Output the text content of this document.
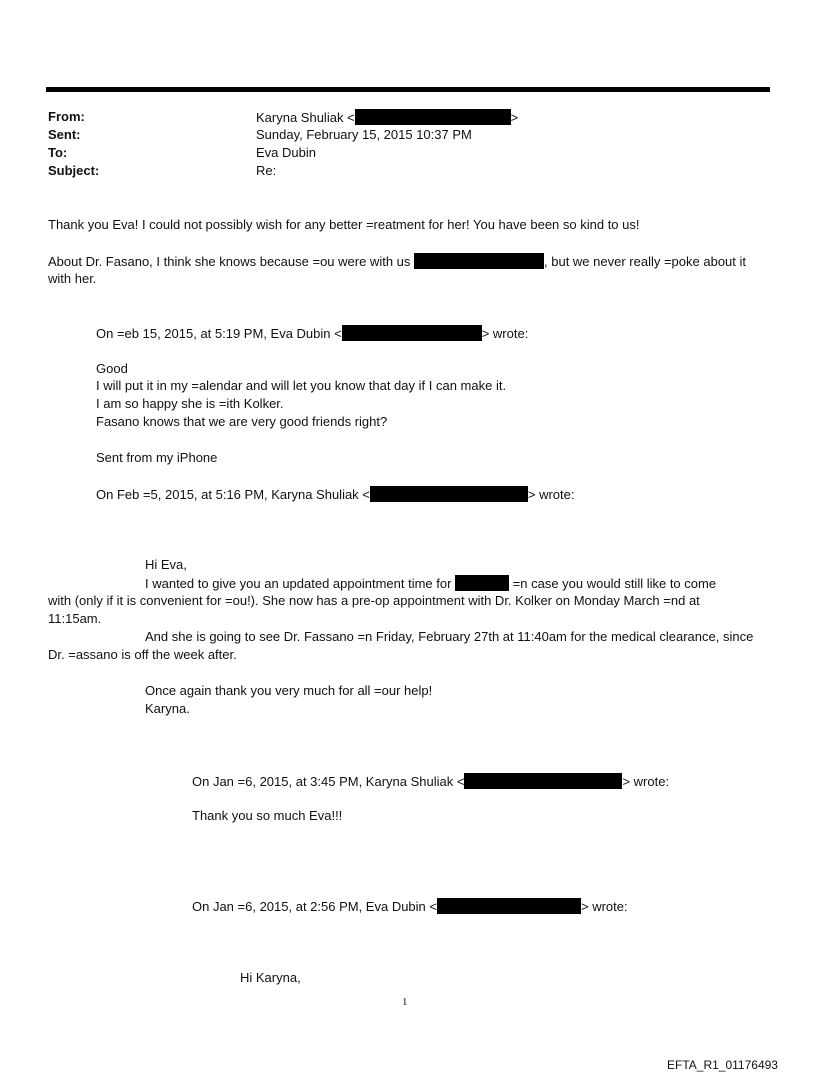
From:	Karyna Shuliak <	>
Sent:	Sunday, February 15, 2015 10:37 PM
To:	Eva Dubin
Subject:	Re:
Thank you Eva! I could not possibly wish for any better =reatment for her! You have been so kind to us!
About Dr. Fasano, I think she knows because =ou were with us	, but we never really =poke about it
with her.
On =eb 15, 2015, at 5:19 PM, Eva Dubin <	> wrote:
Good
I will put it in my =alendar and will let you know that day if I can make it.
I am so happy she is =ith Kolker.
Fasano knows that we are very good friends right?
Sent from my iPhone
On Feb =5, 2015, at 5:16 PM, Karyna Shuliak <	> wrote:
Hi Eva,
I wanted to give you an updated appointment time for	=n case you would still like to come
with (only if it is convenient for =ou!). She now has a pre-op appointment with Dr. Kolker on Monday March =nd at
11:15am.
And she is going to see Dr. Fassano =n Friday, February 27th at 11:40am for the medical clearance, since
Dr. =assano is off the week after.
Once again thank you very much for all =our help!
Karyna.
On Jan =6, 2015, at 3:45 PM, Karyna Shuliak <	> wrote:
Thank you so much Eva!!!
On Jan =6, 2015, at 2:56 PM, Eva Dubin <	> wrote:
Hi Karyna,
1
EFTA_R1_01176493
